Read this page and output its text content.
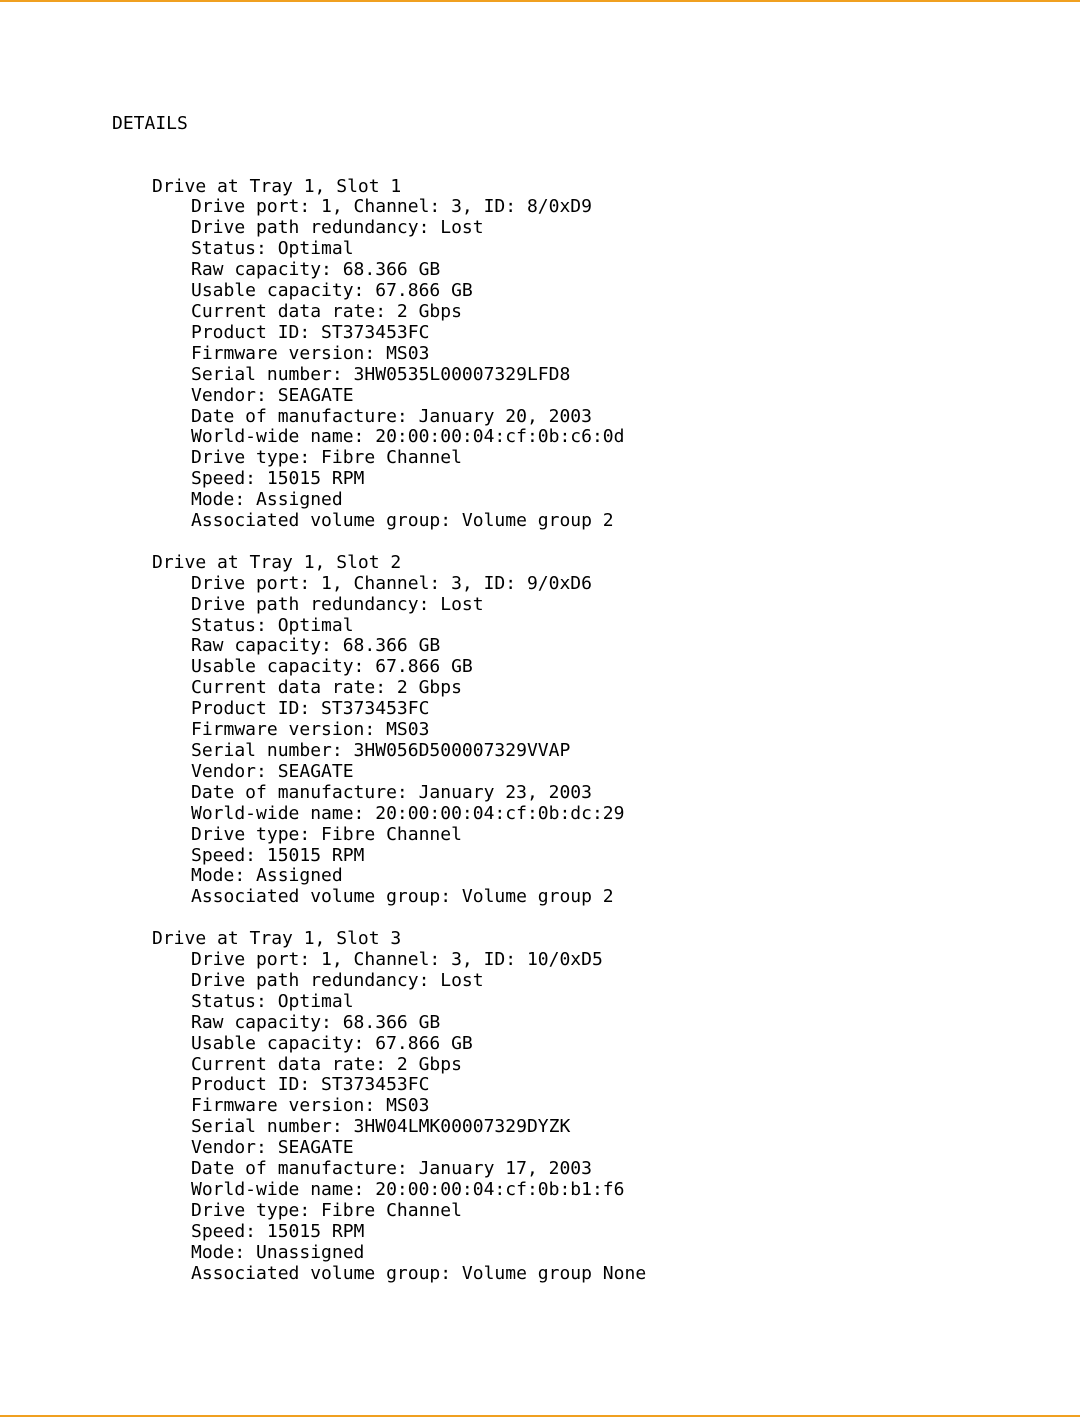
DETAILS

Drive at Tray 1, Slot 1
Drive port: 1, Channel: 3, ID: 8/0xD9
Drive path redundancy: Lost
Status: Optimal
Raw capacity: 68.366 GB
Usable capacity: 67.866 GB
Current data rate: 2 Gbps
Product ID: ST373453FC
Firmware version: MS03
Serial number: 3HW0535L00007329LFD8
Vendor: SEAGATE
Date of manufacture: January 20, 2003
World-wide name: 20:00:00:04:cf:0b:c6:0d
Drive type: Fibre Channel
Speed: 15015 RPM
Mode: Assigned
Associated volume group: Volume group 2
Drive at Tray 1, Slot 2
Drive port: 1, Channel: 3, ID: 9/0xD6
Drive path redundancy: Lost
Status: Optimal
Raw capacity: 68.366 GB
Usable capacity: 67.866 GB
Current data rate: 2 Gbps
Product ID: ST373453FC
Firmware version: MS03
Serial number: 3HW056D500007329VVAP
Vendor: SEAGATE
Date of manufacture: January 23, 2003
World-wide name: 20:00:00:04:cf:0b:dc:29
Drive type: Fibre Channel
Speed: 15015 RPM
Mode: Assigned
Associated volume group: Volume group 2
Drive at Tray 1, Slot 3
Drive port: 1, Channel: 3, ID: 10/0xD5
Drive path redundancy: Lost
Status: Optimal
Raw capacity: 68.366 GB
Usable capacity: 67.866 GB
Current data rate: 2 Gbps
Product ID: ST373453FC
Firmware version: MS03
Serial number: 3HW04LMK00007329DYZK
Vendor: SEAGATE
Date of manufacture: January 17, 2003
World-wide name: 20:00:00:04:cf:0b:b1:f6
Drive type: Fibre Channel
Speed: 15015 RPM
Mode: Unassigned
Associated volume group: Volume group None
